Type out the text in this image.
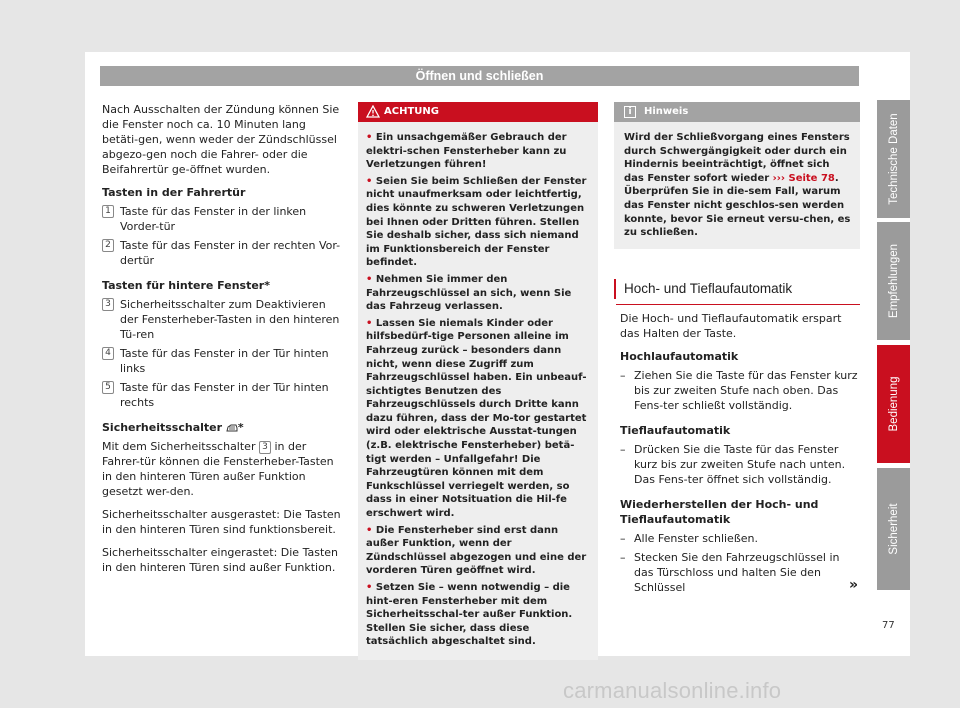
Öffnen und schließen
Nach Ausschalten der Zündung können Sie die Fenster noch ca. 10 Minuten lang betäti-gen, wenn weder der Zündschlüssel abgezo-gen noch die Fahrer- oder die Beifahrertür ge-öffnet wurden.
Tasten in der Fahrertür
1 Taste für das Fenster in der linken Vorder-tür
2 Taste für das Fenster in der rechten Vor-dertür
Tasten für hintere Fenster*
3 Sicherheitsschalter zum Deaktivieren der Fensterheber-Tasten in den hinteren Tü-ren
4 Taste für das Fenster in der Tür hinten links
5 Taste für das Fenster in der Tür hinten rechts
Sicherheitsschalter *
Mit dem Sicherheitsschalter 3 in der Fahrer-tür können die Fensterheber-Tasten in den hinteren Türen außer Funktion gesetzt wer-den.
Sicherheitsschalter ausgerastet: Die Tasten in den hinteren Türen sind funktionsbereit.
Sicherheitsschalter eingerastet: Die Tasten in den hinteren Türen sind außer Funktion.
ACHTUNG
• Ein unsachgemäßer Gebrauch der elektri-schen Fensterheber kann zu Verletzungen führen!
• Seien Sie beim Schließen der Fenster nicht unaufmerksam oder leichtfertig, dies könnte zu schweren Verletzungen bei Ihnen oder Dritten führen. Stellen Sie deshalb sicher, dass sich niemand im Funktionsbereich der Fenster befindet.
• Nehmen Sie immer den Fahrzeugschlüssel an sich, wenn Sie das Fahrzeug verlassen.
• Lassen Sie niemals Kinder oder hilfsbedürf-tige Personen alleine im Fahrzeug zurück – besonders dann nicht, wenn diese Zugriff zum Fahrzeugschlüssel haben. Ein unbeauf-sichtigtes Benutzen des Fahrzeugschlüssels durch Dritte kann dazu führen, dass der Mo-tor gestartet wird oder elektrische Ausstat-tungen (z.B. elektrische Fensterheber) betä-tigt werden – Unfallgefahr! Die Fahrzeugtüren können mit dem Funkschlüssel verriegelt werden, so dass in einer Notsituation die Hil-fe erschwert wird.
• Die Fensterheber sind erst dann außer Funktion, wenn der Zündschlüssel abgezogen und eine der vorderen Türen geöffnet wird.
• Setzen Sie – wenn notwendig – die hint-eren Fensterheber mit dem Sicherheitsschal-ter außer Funktion. Stellen Sie sicher, dass diese tatsächlich abgeschaltet sind.
i	Hinweis
Wird der Schließvorgang eines Fensters durch Schwergängigkeit oder durch ein Hindernis beeinträchtigt, öffnet sich das Fenster sofort wieder ››› Seite 78. Überprüfen Sie in die-sem Fall, warum das Fenster nicht geschlos-sen werden konnte, bevor Sie erneut versu-chen, es zu schließen.
Hoch- und Tieflaufautomatik
Die Hoch- und Tieflaufautomatik erspart das Halten der Taste.
Hochlaufautomatik
– Ziehen Sie die Taste für das Fenster kurz bis zur zweiten Stufe nach oben. Das Fens-ter schließt vollständig.
Tieflaufautomatik
– Drücken Sie die Taste für das Fenster kurz bis zur zweiten Stufe nach unten. Das Fens-ter öffnet sich vollständig.
Wiederherstellen der Hoch- und Tieflaufautomatik
– Alle Fenster schließen.
– Stecken Sie den Fahrzeugschlüssel in das Türschloss und halten Sie den Schlüssel	»
Technische Daten
Empfehlungen
Bedienung
Sicherheit
77
carmanualsonline.info
